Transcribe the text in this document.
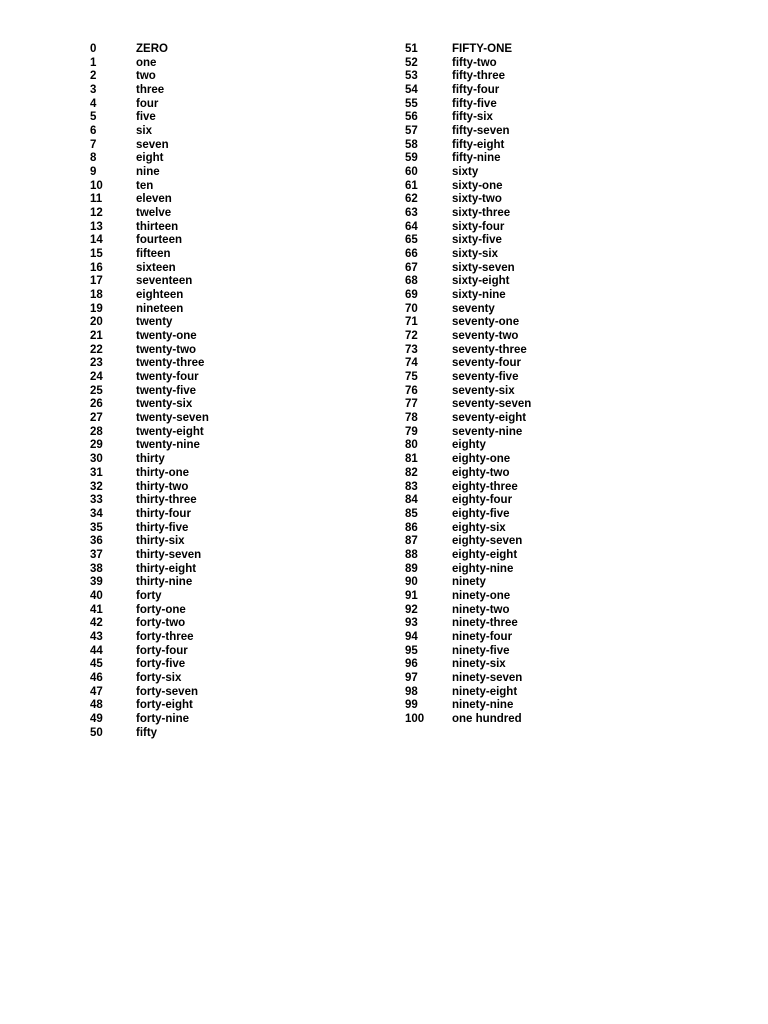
0	ZERO
1	one
2	two
3	three
4	four
5	five
6	six
7	seven
8	eight
9	nine
10	ten
11	eleven
12	twelve
13	thirteen
14	fourteen
15	fifteen
16	sixteen
17	seventeen
18	eighteen
19	nineteen
20	twenty
21	twenty-one
22	twenty-two
23	twenty-three
24	twenty-four
25	twenty-five
26	twenty-six
27	twenty-seven
28	twenty-eight
29	twenty-nine
30	thirty
31	thirty-one
32	thirty-two
33	thirty-three
34	thirty-four
35	thirty-five
36	thirty-six
37	thirty-seven
38	thirty-eight
39	thirty-nine
40	forty
41	forty-one
42	forty-two
43	forty-three
44	forty-four
45	forty-five
46	forty-six
47	forty-seven
48	forty-eight
49	forty-nine
50	fifty
51	FIFTY-ONE
52	fifty-two
53	fifty-three
54	fifty-four
55	fifty-five
56	fifty-six
57	fifty-seven
58	fifty-eight
59	fifty-nine
60	sixty
61	sixty-one
62	sixty-two
63	sixty-three
64	sixty-four
65	sixty-five
66	sixty-six
67	sixty-seven
68	sixty-eight
69	sixty-nine
70	seventy
71	seventy-one
72	seventy-two
73	seventy-three
74	seventy-four
75	seventy-five
76	seventy-six
77	seventy-seven
78	seventy-eight
79	seventy-nine
80	eighty
81	eighty-one
82	eighty-two
83	eighty-three
84	eighty-four
85	eighty-five
86	eighty-six
87	eighty-seven
88	eighty-eight
89	eighty-nine
90	ninety
91	ninety-one
92	ninety-two
93	ninety-three
94	ninety-four
95	ninety-five
96	ninety-six
97	ninety-seven
98	ninety-eight
99	ninety-nine
100	one hundred
